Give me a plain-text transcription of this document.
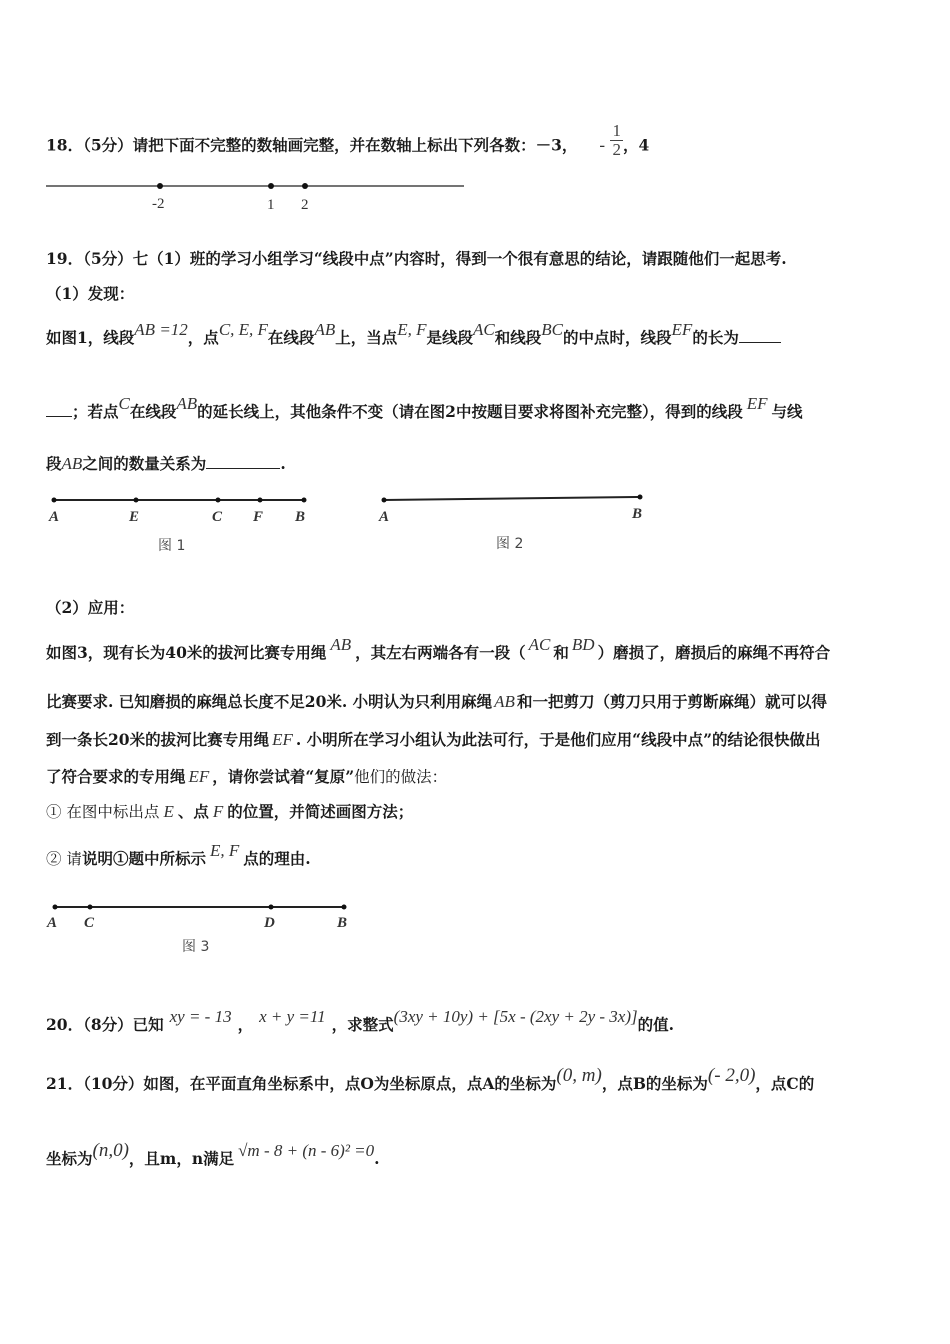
18．（5分）请把下面不完整的数轴画完整，并在数轴上标出下列各数：－3， - $\frac{1}{2}$ ，4
-2	1 2
19．（5分）七（1）班的学习小组学习“线段中点”内容时，得到一个很有意思的结论，请跟随他们一起思考.
（1）发现：
如图1，线段AB =12，点C, E, F在线段AB上，当点E, F是线段AC和线段BC的中点时，线段EF的长为
；若点C在线段AB的延长线上，其他条件不变（请在图2中按题目要求将图补充完整），得到的线段 EF 与线
段AB之间的数量关系为	.
A	E	C F B
图 1
A	B
图 2
（2）应用：
如图3，现有长为40米的拔河比赛专用绳 AB ，其左右两端各有一段（ AC 和 BD ）磨损了，磨损后的麻绳不再符合
比赛要求. 已知磨损的麻绳总长度不足20米. 小明认为只利用麻绳 AB 和一把剪刀（剪刀只用于剪断麻绳）就可以得
到一条长20米的拔河比赛专用绳 EF . 小明所在学习小组认为此法可行，于是他们应用“线段中点”的结论很快做出
了符合要求的专用绳 EF ，请你尝试着“复原”他们的做法：
① 在图中标出点 E 、点 F 的位置，并简述画图方法；
② 请说明①题中所标示 E, F 点的理由.
A C	D	B
图 3
20．（8分）已知 xy = - 13 ， x + y =11 ，求整式(3xy + 10y) + [5x - (2xy + 2y - 3x)]的值.
21．（10分）如图，在平面直角坐标系中，点O为坐标原点，点A的坐标为(0, m)，点B的坐标为(- 2,0)，点C的
坐标为(n,0)，且m，n满足 √m - 8 + (n - 6)² =0.
